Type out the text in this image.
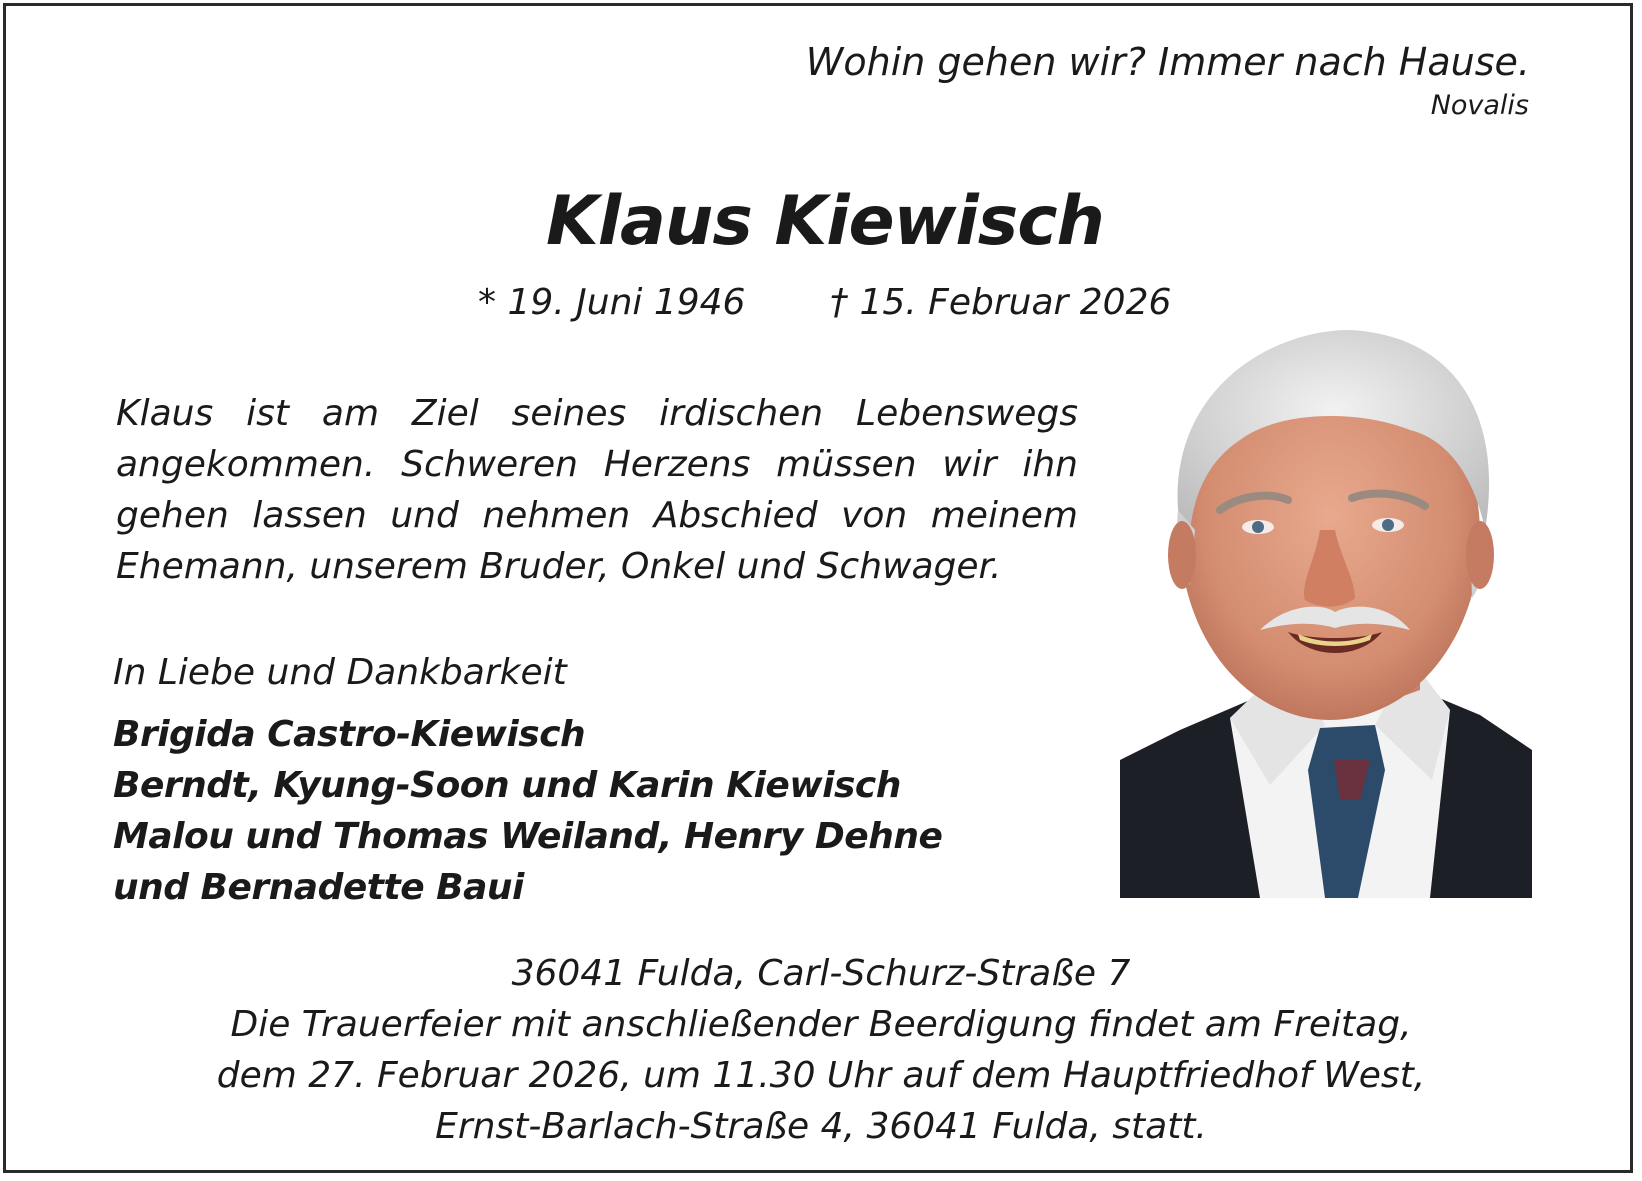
Wohin gehen wir? Immer nach Hause.
Novalis
Klaus Kiewisch
* 19. Juni 1946 † 15. Februar 2026

Klaus ist am Ziel seines irdischen Lebenswegs angekommen. Schweren Herzens müssen wir ihn gehen lassen und nehmen Abschied von meinem Ehemann, unserem Bruder, Onkel und Schwager.

In Liebe und Dankbarkeit
Brigida Castro-Kiewisch
Berndt, Kyung-Soon und Karin Kiewisch
Malou und Thomas Weiland, Henry Dehne
und Bernadette Baui
36041 Fulda, Carl-Schurz-Straße 7
Die Trauerfeier mit anschließender Beerdigung findet am Freitag,
dem 27. Februar 2026, um 11.30 Uhr auf dem Hauptfriedhof West,
Ernst-Barlach-Straße 4, 36041 Fulda, statt.
